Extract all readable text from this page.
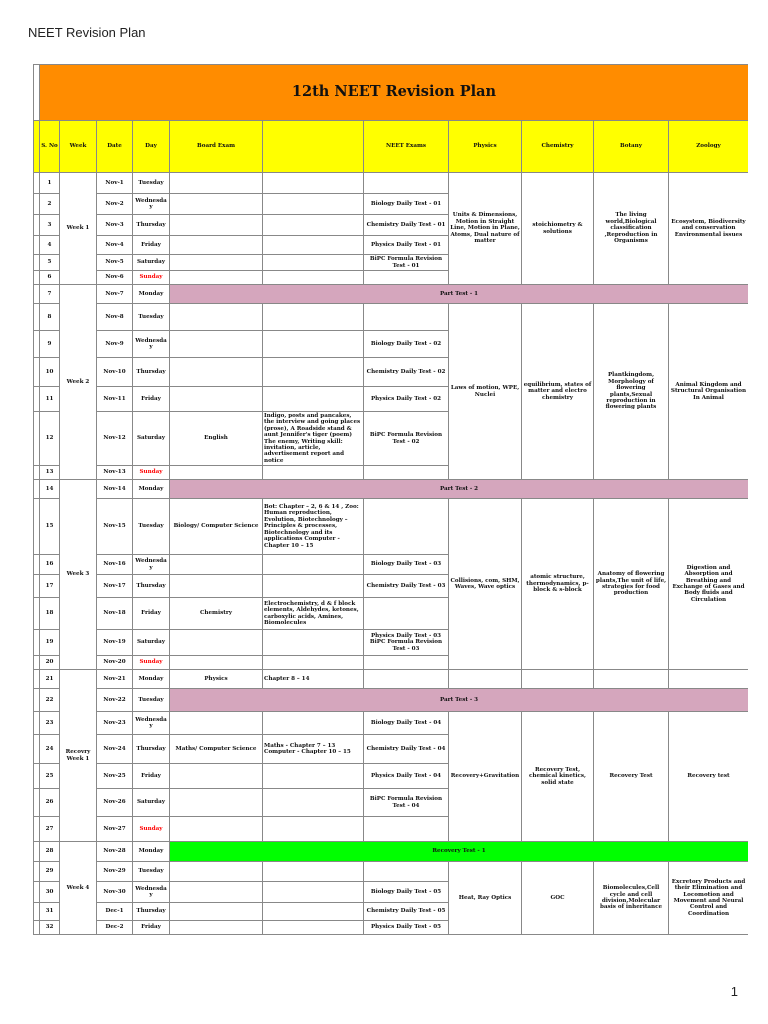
NEET Revision Plan

	12th NEET Revision Plan										
	S. No	Week	Date	Day	Board Exam		NEET Exams	Physics	Chemistry	Botany	Zoology
	1	Week 1	Nov-1	Tuesday				Units & Dimensions, Motion in Straight Line, Motion in Plane, Atoms, Dual nature of matter	stoichiometry & solutions	The living world,Biological classification ,Reproduction in Organisms	Ecosystem, Biodiversity and conservation Environmental issues
	2		Nov-2	Wednesday			Biology Daily Test - 01				
	3		Nov-3	Thursday			Chemistry Daily Test - 01				
	4		Nov-4	Friday			Physics Daily Test - 01				
	5		Nov-5	Saturday			BiPC Formula Revision Test - 01				
	6		Nov-6	Sunday							
	7	Week 2	Nov-7	Monday	Part Test - 1						
	8		Nov-8	Tuesday				Laws of motion, WPE, Nuclei	equilibrium, states of matter and electro chemistry	Plantkingdom, Morphology of flowering plants,Sexual reproduction in flowering plants	Animal Kingdom and Structural Organisation In Animal
	9		Nov-9	Wednesday			Biology Daily Test - 02				
	10		Nov-10	Thursday			Chemistry Daily Test - 02				
	11		Nov-11	Friday			Physics Daily Test - 02				
	12		Nov-12	Saturday	English	Indigo, posts and pancakes, the interview and going places (prose), A Roadside stand & aunt Jennifer's tiger (poem) The enemy, Writing skill: invitation, article, advertisement report and notice	BiPC Formula Revision Test - 02				
	13		Nov-13	Sunday							
	14	Week 3	Nov-14	Monday	Part Test - 2						
	15		Nov-15	Tuesday	Biology/ Computer Science	Bot: Chapter – 2, 6 & 14 , Zoo: Human reproduction, Evolution, Biotechnology – Principles & processes, Biotechnology and its applications Computer - Chapter 10 – 15		Collisions, com, SHM, Waves, Wave optics	atomic structure, thermodynamics, p-block & s-block	Anatomy of flowering plants,The unit of life, strategies for food production	Digestion and Absorption and Breathing and Exchange of Gases and Body fluids and Circulation
	16		Nov-16	Wednesday			Biology Daily Test - 03				
	17		Nov-17	Thursday			Chemistry Daily Test - 03				
	18		Nov-18	Friday	Chemistry	Electrochemistry, d & f block elements, Aldehydes, ketones, carboxylic acids, Amines, Biomolecules					
	19		Nov-19	Saturday			Physics Daily Test - 03 BiPC Formula Revision Test - 03				
	20		Nov-20	Sunday							
	21	Recovry Week 1	Nov-21	Monday	Physics	Chapter 8 – 14					
	22		Nov-22	Tuesday	Part Test - 3						
	23		Nov-23	Wednesday			Biology Daily Test - 04	Recovery+Gravitation	Recovery Test, chemical kinetics, solid state	Recovery Test	Recovery test
	24		Nov-24	Thursday	Maths/ Computer Science	Maths - Chapter 7 – 13 Computer - Chapter 10 – 15	Chemistry Daily Test - 04				
	25		Nov-25	Friday			Physics Daily Test - 04				
	26		Nov-26	Saturday			BiPC Formula Revision Test - 04				
	27		Nov-27	Sunday							
	28	Week 4	Nov-28	Monday	Recovery Test - 1						
	29		Nov-29	Tuesday				Heat, Ray Optics	GOC	Biomolecules,Cell cycle and cell division,Molecular basis of inheritance	Excretory Products and their Elimination and Locomotion and Movement and Neural Control and Coordination
	30		Nov-30	Wednesday			Biology Daily Test - 05				
	31		Dec-1	Thursday			Chemistry Daily Test - 05				
	32		Dec-2	Friday			Physics Daily Test - 05				
1
